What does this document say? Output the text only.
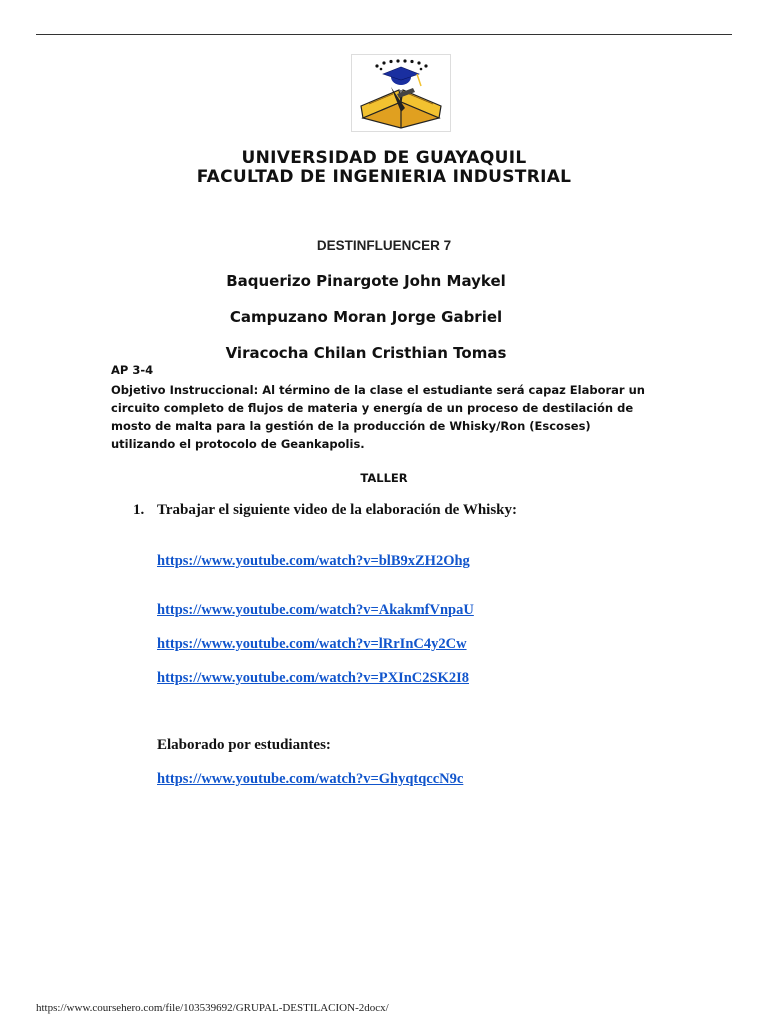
UNIVERSIDAD DE GUAYAQUIL
FACULTAD DE INGENIERIA INDUSTRIAL
DESTINFLUENCER 7
Baquerizo Pinargote John Maykel
Campuzano Moran Jorge Gabriel
Viracocha Chilan Cristhian Tomas
AP 3-4
Objetivo Instruccional: Al término de la clase el estudiante será capaz Elaborar un circuito completo de flujos de materia y energía de un proceso de destilación de mosto de malta para la gestión de la producción de Whisky/Ron (Escoses) utilizando el protocolo de Geankapolis.
TALLER
1. Trabajar el siguiente video de la elaboración de Whisky:
https://www.youtube.com/watch?v=blB9xZH2Ohg
https://www.youtube.com/watch?v=AkakmfVnpaU
https://www.youtube.com/watch?v=lRrInC4y2Cw
https://www.youtube.com/watch?v=PXInC2SK2I8
Elaborado por estudiantes:
https://www.youtube.com/watch?v=GhyqtqccN9c
https://www.coursehero.com/file/103539692/GRUPAL-DESTILACION-2docx/
